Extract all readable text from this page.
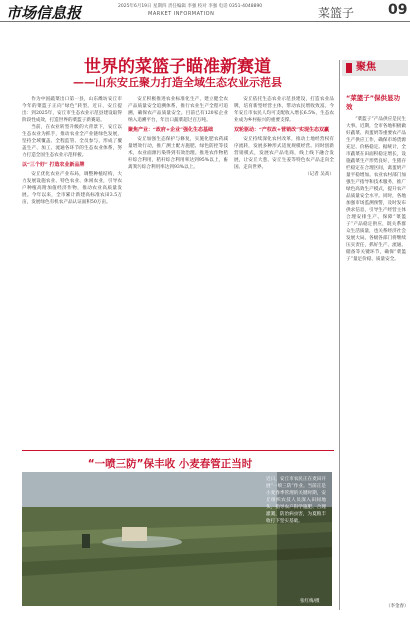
市场信息报	2025年6月19日 星期四 责任编辑 李强 校对 李强 电话 0351-4048890
MARKET INFORMATION	菜篮子 09
世界的菜篮子瞄准新赛道
——山东安丘聚力打造全域生态农业示范县

作为中国蔬菜出口第一县，山东潍坊安丘市今年的菜篮子正向“绿色”转型。近日，安丘提出：到2025年，安丘市生态农业示范县建设取得阶段性成效，打造世界的菜篮子新赛道。

当前，在农业转型升级的大背景下，安丘以生态农业为抓手，推动农业全产业链绿色发展，坚持全域覆盖、全程监管、全员参与，形成了覆盖生产、加工、流通各环节的生态农业体系，努力打造全国生态农业示范样板。

以“三个好” 打造农业新品牌

安丘优化农业产业布局，调整种植结构，大力发展设施农业、特色农业、休闲农业，引导农户种植高附加值经济作物，推动农业高质量发展。今年以来，全市累计新建高标准农田3.5万亩，发展绿色有机农产品认证面积50万亩。

安丘积极推进农业标准化生产，建立健全农产品质量安全追溯体系，推行农业生产全程可追溯，确保农产品质量安全。目前已有120家企业纳入追溯平台，年出口蔬菜超过百万吨。

聚焦产业：“政府+企业”强化生态基础

安丘加强生态保护与修复，实施化肥农药减量增效行动，推广测土配方施肥、绿色防控等技术，农业面源污染得到有效治理。推进农作物秸秆综合利用，秸秆综合利用率达到95%以上，畜禽粪污综合利用率达到93%以上。

安丘依托生态农业示范县建设，打造农业品牌，培育新型经营主体，带动农民增收致富。今年安丘市农民人均可支配收入增长6.5%，生态农业成为乡村振兴的重要支撑。

双轮驱动：“产权改+营销改”实现生态双赢

安丘持续深化农村改革，推动土地经营权有序流转，发展多种形式适度规模经营。同时创新营销模式，发展农产品电商，线上线下融合发展，让安丘大葱、安丘生姜等特色农产品走向全国、走向世界。

（记者 吴高）

“一喷三防”保丰收 小麦春管正当时
近日，安丘市农民正在麦田开展“一喷三防”作业。当前正是小麦春季管理的关键时期，安丘组织农技人员深入田间地头，指导农户科学施肥、合理灌溉，防治病虫害，为夏粮丰收打下坚实基础。
张红梅/摄
聚焦
“菜篮子”保供显功效

“菜篮子”产品供应是民生大事。近期，全市各地积极做好蔬菜、肉蛋奶等重要农产品生产供应工作，确保市场货源充足、价格稳定。据统计，全市蔬菜在田面积稳定增长，设施蔬菜生产形势良好，生猪存栏稳定在合理区间，禽蛋奶产量平稳增加。农业农村部门加强生产指导和技术服务，推广绿色高效生产模式，提升农产品质量安全水平。同时，各地加强市场监测预警，及时发布供求信息，引导生产经营主体合理安排生产。保障“菜篮子”产品稳定供应，既关系群众生活质量，也关系经济社会发展大局。各级各部门将继续压实责任，抓好生产、流通、储备等关键环节，确保“菜篮子”量足价稳、质量安全。

（李金春）
